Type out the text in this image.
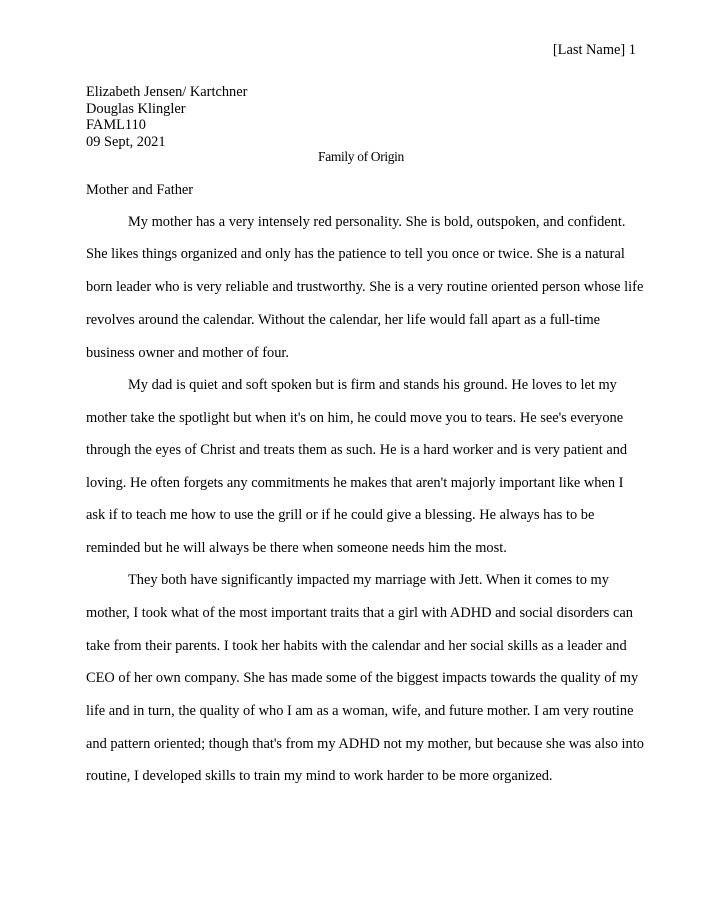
[Last Name] 1
Elizabeth Jensen/ Kartchner
Douglas Klingler
FAML110
09 Sept, 2021
Family of Origin
Mother and Father
My mother has a very intensely red personality. She is bold, outspoken, and confident.
She likes things organized and only has the patience to tell you once or twice. She is a natural
born leader who is very reliable and trustworthy. She is a very routine oriented person whose life
revolves around the calendar. Without the calendar, her life would fall apart as a full-time
business owner and mother of four.
My dad is quiet and soft spoken but is firm and stands his ground. He loves to let my
mother take the spotlight but when it's on him, he could move you to tears. He see's everyone
through the eyes of Christ and treats them as such. He is a hard worker and is very patient and
loving. He often forgets any commitments he makes that aren't majorly important like when I
ask if to teach me how to use the grill or if he could give a blessing. He always has to be
reminded but he will always be there when someone needs him the most.
They both have significantly impacted my marriage with Jett. When it comes to my
mother, I took what of the most important traits that a girl with ADHD and social disorders can
take from their parents. I took her habits with the calendar and her social skills as a leader and
CEO of her own company. She has made some of the biggest impacts towards the quality of my
life and in turn, the quality of who I am as a woman, wife, and future mother. I am very routine
and pattern oriented; though that's from my ADHD not my mother, but because she was also into
routine, I developed skills to train my mind to work harder to be more organized.
